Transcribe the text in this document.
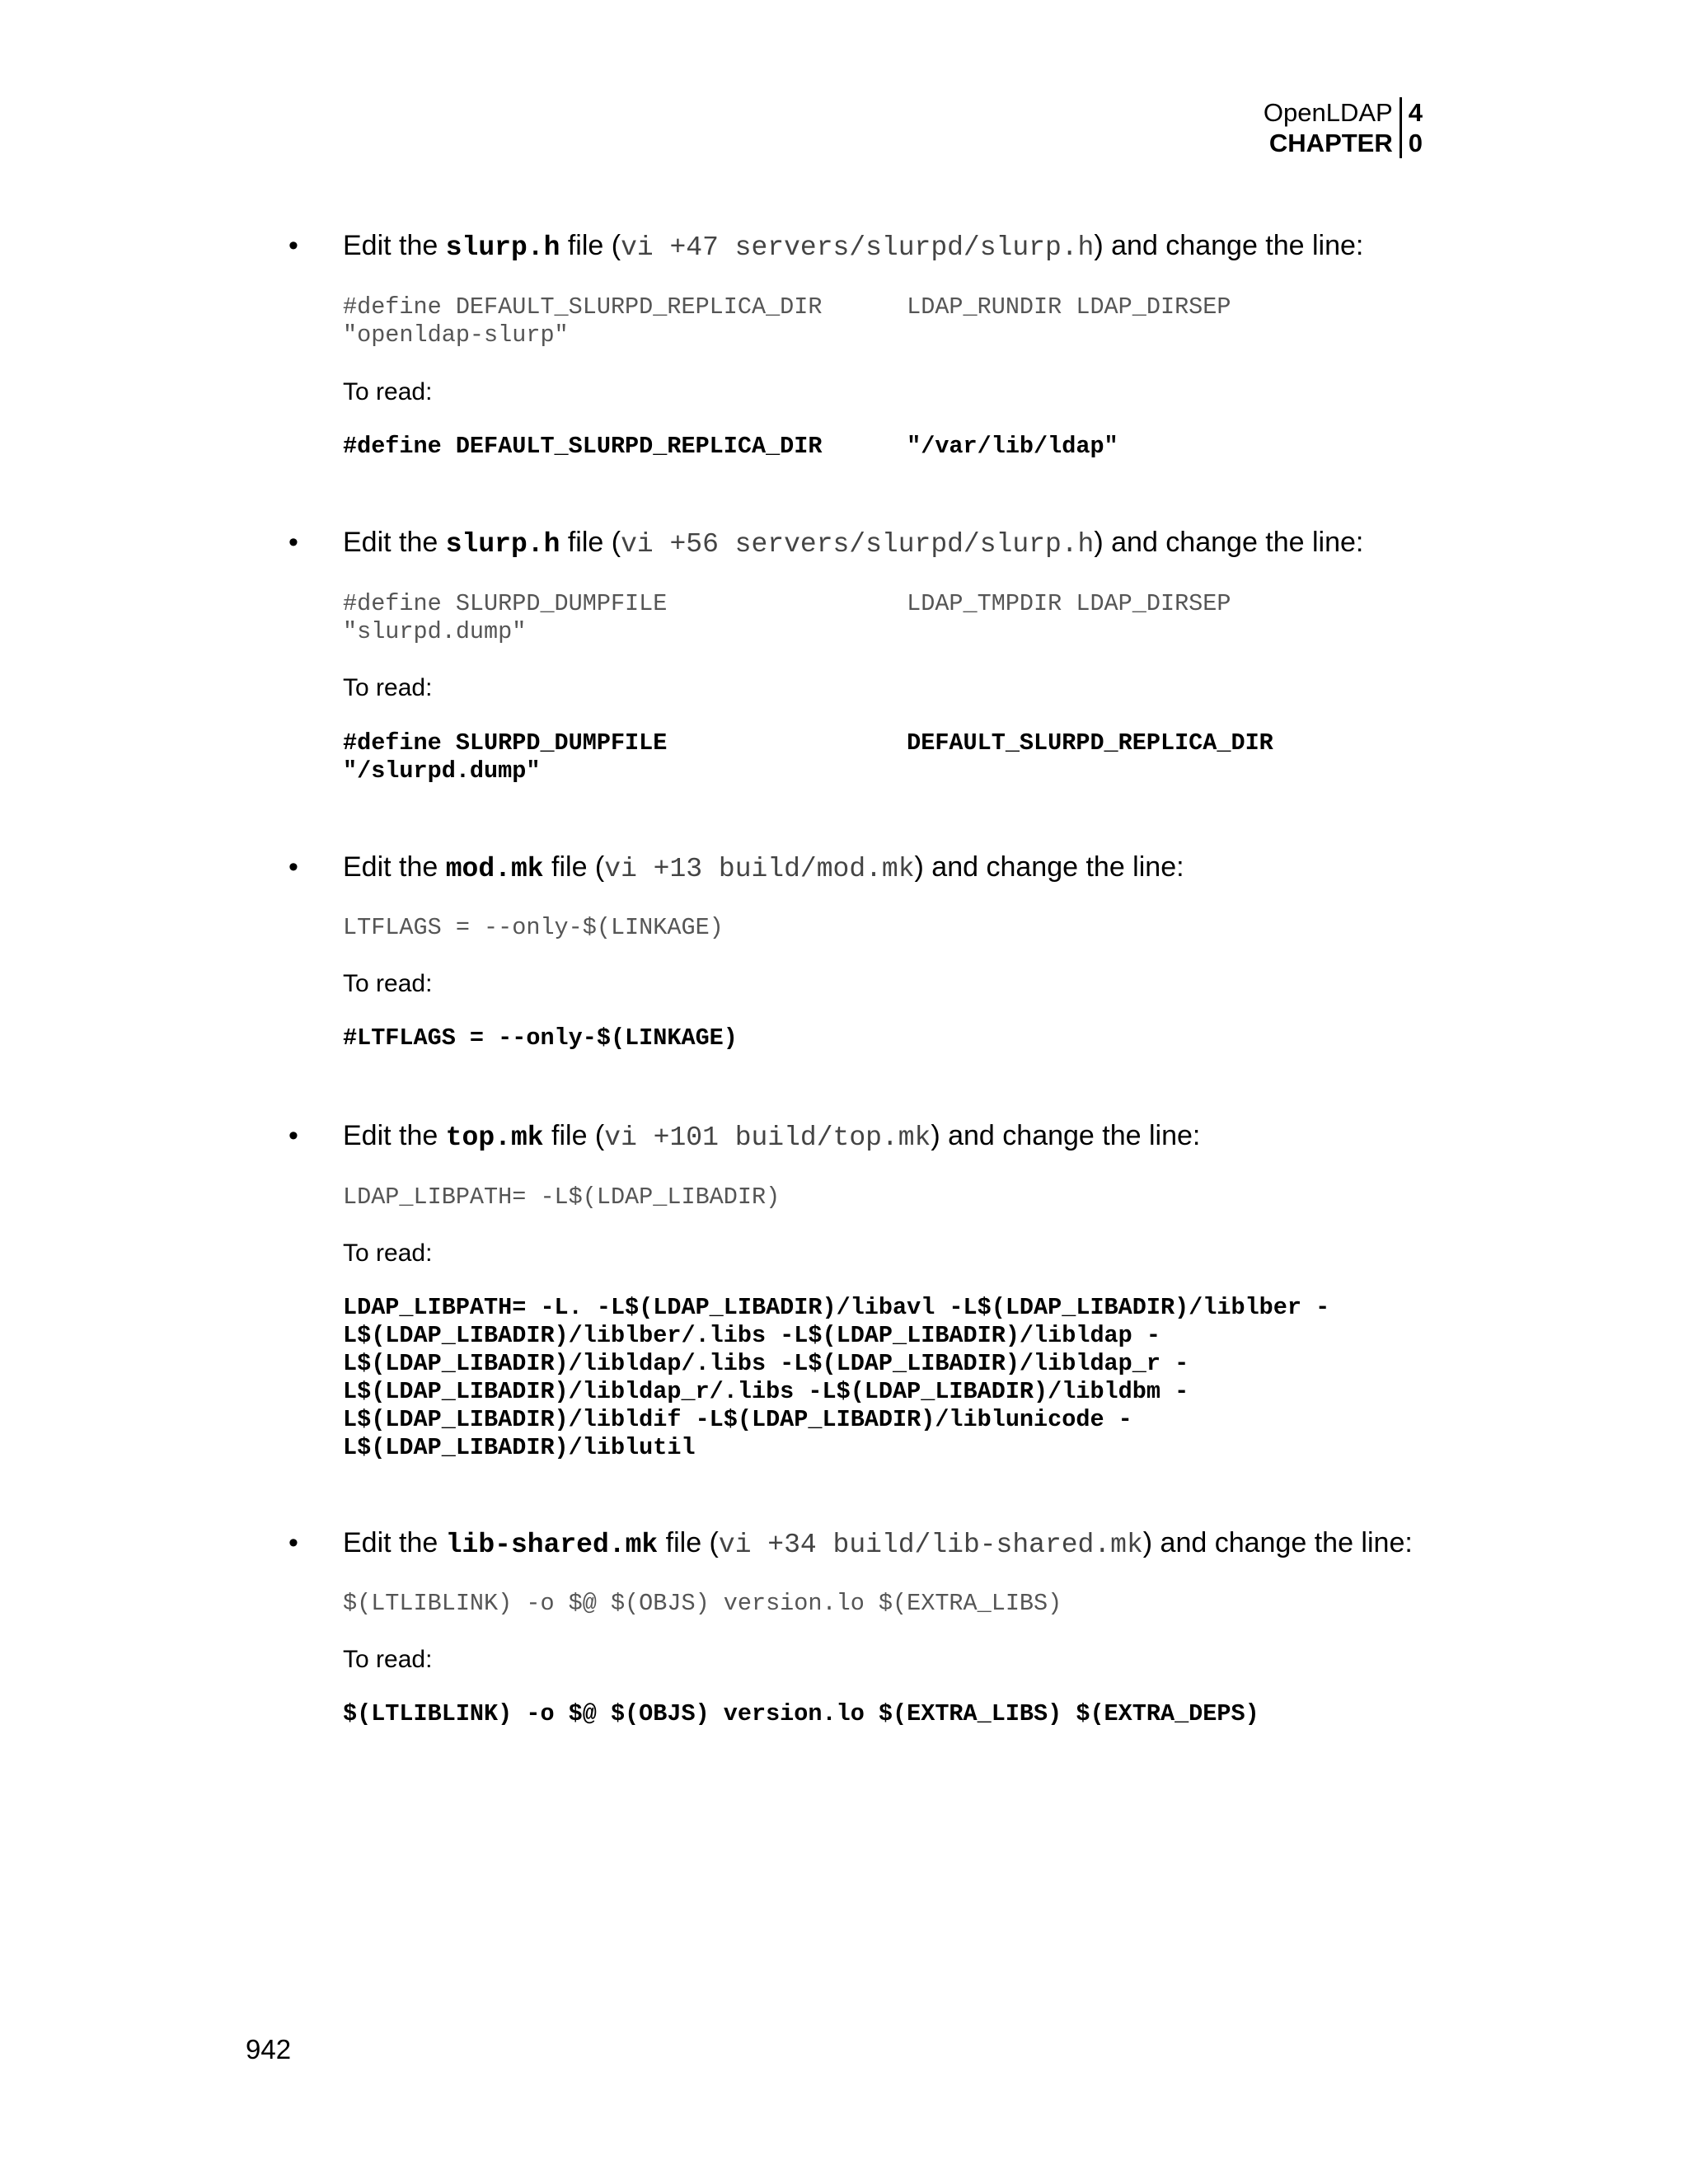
OpenLDAP
CHAPTER
4
0
• Edit the slurp.h file (vi +47 servers/slurpd/slurp.h) and change the line:
#define DEFAULT_SLURPD_REPLICA_DIR      LDAP_RUNDIR LDAP_DIRSEP
"openldap-slurp"
To read:
#define DEFAULT_SLURPD_REPLICA_DIR      "/var/lib/ldap"
• Edit the slurp.h file (vi +56 servers/slurpd/slurp.h) and change the line:
#define SLURPD_DUMPFILE                 LDAP_TMPDIR LDAP_DIRSEP
"slurpd.dump"
To read:
#define SLURPD_DUMPFILE                 DEFAULT_SLURPD_REPLICA_DIR
"/slurpd.dump"
• Edit the mod.mk file (vi +13 build/mod.mk) and change the line:
LTFLAGS = --only-$(LINKAGE)
To read:
#LTFLAGS = --only-$(LINKAGE)
• Edit the top.mk file (vi +101 build/top.mk) and change the line:
LDAP_LIBPATH= -L$(LDAP_LIBADIR)
To read:
LDAP_LIBPATH= -L. -L$(LDAP_LIBADIR)/libavl -L$(LDAP_LIBADIR)/liblber -
L$(LDAP_LIBADIR)/liblber/.libs -L$(LDAP_LIBADIR)/libldap -
L$(LDAP_LIBADIR)/libldap/.libs -L$(LDAP_LIBADIR)/libldap_r -
L$(LDAP_LIBADIR)/libldap_r/.libs -L$(LDAP_LIBADIR)/libldbm -
L$(LDAP_LIBADIR)/libldif -L$(LDAP_LIBADIR)/liblunicode -
L$(LDAP_LIBADIR)/liblutil
• Edit the lib-shared.mk file (vi +34 build/lib-shared.mk) and change the line:
$(LTLIBLINK) -o $@ $(OBJS) version.lo $(EXTRA_LIBS)
To read:
$(LTLIBLINK) -o $@ $(OBJS) version.lo $(EXTRA_LIBS) $(EXTRA_DEPS)
942
